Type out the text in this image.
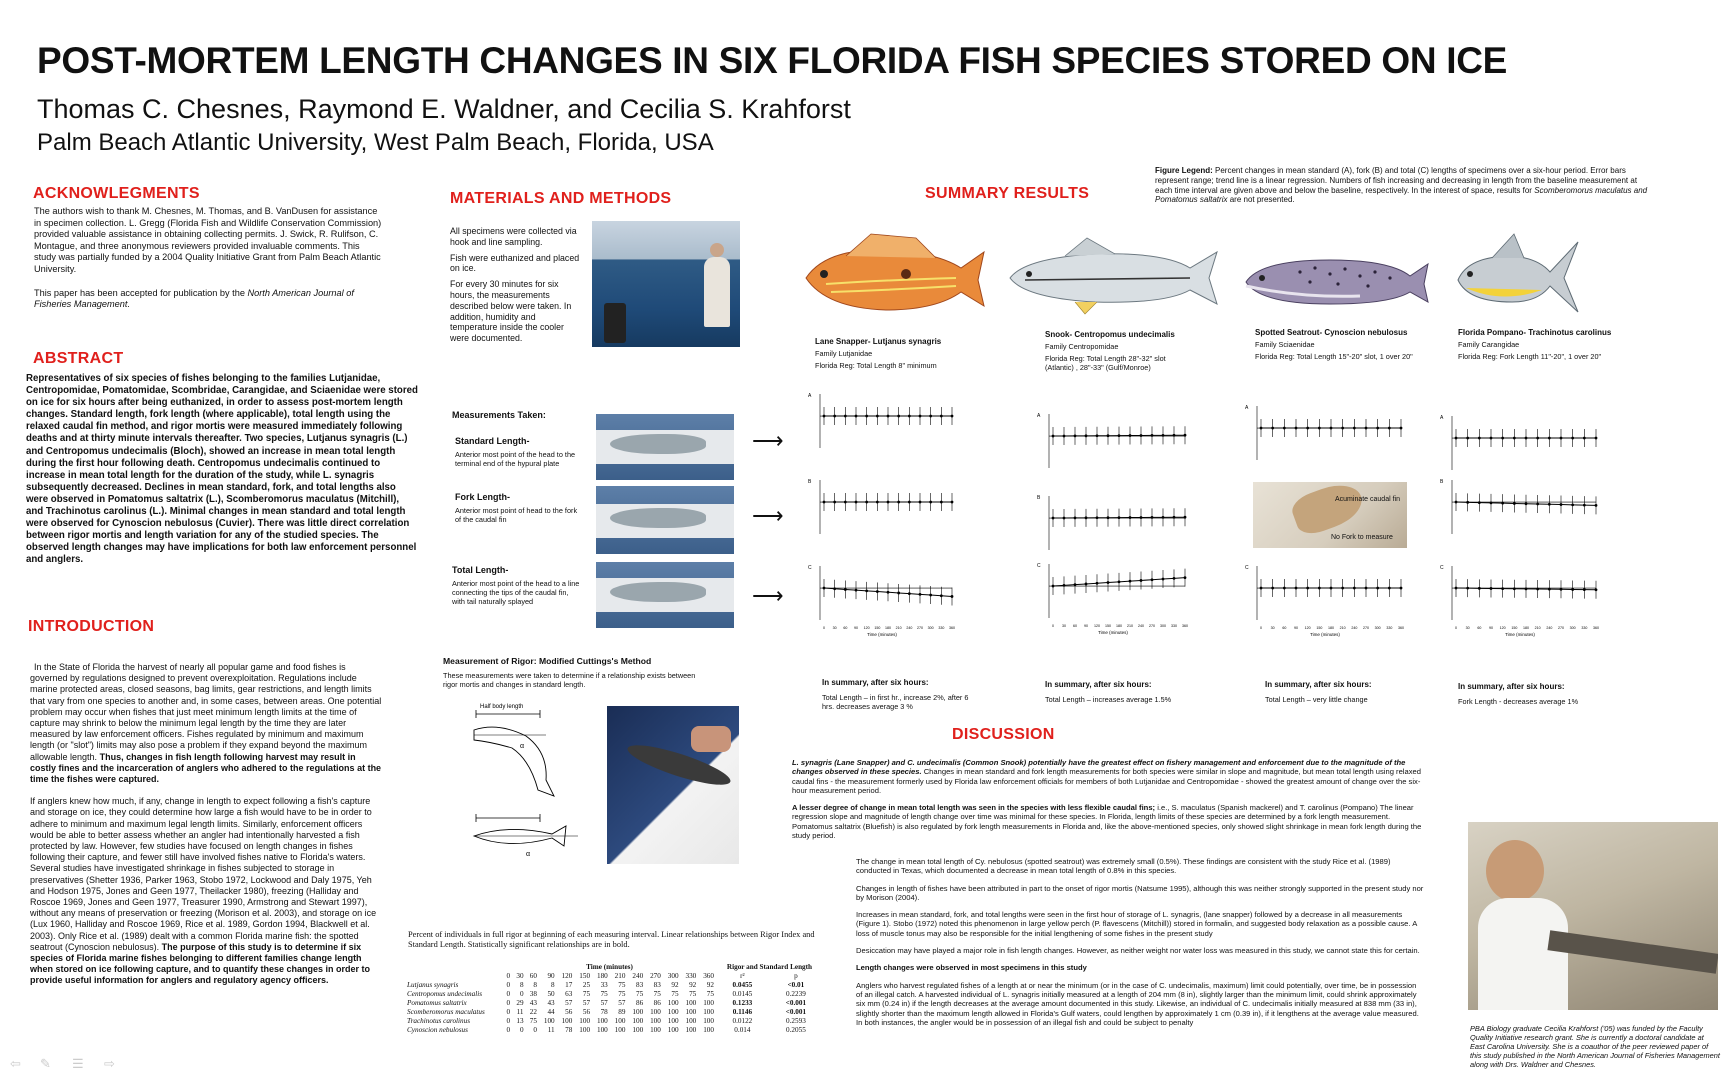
POST-MORTEM LENGTH CHANGES IN SIX FLORIDA FISH SPECIES STORED ON ICE
Thomas C. Chesnes, Raymond E. Waldner, and Cecilia S. Krahforst
Palm Beach Atlantic University, West Palm Beach, Florida, USA
ACKNOWLEGMENTS
The authors wish to thank M. Chesnes, M. Thomas, and B. VanDusen for assistance in specimen collection. L. Gregg (Florida Fish and Wildlife Conservation Commission) provided valuable assistance in obtaining collecting permits. J. Swick, R. Rulifson, C. Montague, and three anonymous reviewers provided invaluable comments. This study was partially funded by a 2004 Quality Initiative Grant from Palm Beach Atlantic University.
This paper has been accepted for publication by the North American Journal of Fisheries Management.
ABSTRACT
Representatives of six species of fishes belonging to the families Lutjanidae, Centropomidae, Pomatomidae, Scombridae, Carangidae, and Sciaenidae were stored on ice for six hours after being euthanized, in order to assess post-mortem length changes. Standard length, fork length (where applicable), total length using the relaxed caudal fin method, and rigor mortis were measured immediately following deaths and at thirty minute intervals thereafter. Two species, Lutjanus synagris (L.) and Centropomus undecimalis (Bloch), showed an increase in mean total length during the first hour following death. Centropomus undecimalis continued to increase in mean total length for the duration of the study, while L. synagris subsequently decreased. Declines in mean standard, fork, and total lengths also were observed in Pomatomus saltatrix (L.), Scomberomorus maculatus (Mitchill), and Trachinotus carolinus (L.). Minimal changes in mean standard and total length were observed for Cynoscion nebulosus (Cuvier). There was little direct correlation between rigor mortis and length variation for any of the studied species. The observed length changes may have implications for both law enforcement personnel and anglers.
INTRODUCTION
In the State of Florida the harvest of nearly all popular game and food fishes is governed by regulations designed to prevent overexploitation. Regulations include marine protected areas, closed seasons, bag limits, gear restrictions, and length limits that vary from one species to another and, in some cases, between areas. One potential problem may occur when fishes that just meet minimum length limits at the time of capture may shrink to below the minimum legal length by the time they are later measured by law enforcement officers. Fishes regulated by minimum and maximum length (or "slot") limits may also pose a problem if they expand beyond the maximum allowable length. Thus, changes in fish length following harvest may result in costly fines and the incarceration of anglers who adhered to the regulations at the time the fishes were captured.
If anglers knew how much, if any, change in length to expect following a fish's capture and storage on ice, they could determine how large a fish would have to be in order to adhere to minimum and maximum legal length limits. Similarly, enforcement officers would be able to better assess whether an angler had intentionally harvested a fish protected by law. However, few studies have focused on length changes in fishes following their capture, and fewer still have involved fishes native to Florida's waters. Several studies have investigated shrinkage in fishes subjected to storage in preservatives (Shetter 1936, Parker 1963, Stobo 1972, Lockwood and Daly 1975, Yeh and Hodson 1975, Jones and Geen 1977, Theilacker 1980), freezing (Halliday and Roscoe 1969, Jones and Geen 1977, Treasurer 1990, Armstrong and Stewart 1997), without any means of preservation or freezing (Morison et al. 2003), and storage on ice (Lux 1960, Halliday and Roscoe 1969, Rice et al. 1989, Gordon 1994, Blackwell et al. 2003). Only Rice et al. (1989) dealt with a common Florida marine fish: the spotted seatrout (Cynoscion nebulosus). The purpose of this study is to determine if six species of Florida marine fishes belonging to different families change length when stored on ice following capture, and to quantify these changes in order to provide useful information for anglers and regulatory agency officers.
MATERIALS AND METHODS
All specimens were collected via hook and line sampling.
Fish were euthanized and placed on ice.
For every 30 minutes for six hours, the measurements described below were taken. In addition, humidity and temperature inside the cooler were documented.
Measurements Taken:
Standard Length-
Anterior most point of the head to the terminal end of the hypural plate
Fork Length-
Anterior most point of head to the fork of the caudal fin
Total Length-
Anterior most point of the head to a line connecting the tips of the caudal fin, with tail naturally splayed
⟶
⟶
⟶
Measurement of Rigor: Modified Cuttings's Method
These measurements were taken to determine if a relationship exists between rigor mortis and changes in standard length.
Half body length
α
α
Percent of individuals in full rigor at beginning of each measuring interval. Linear relationships between Rigor Index and Standard Length. Statistically significant relationships are in bold.
	Time (minutes)													Rigor and Standard Length	
	0	30	60	90	120	150	180	210	240	270	300	330	360	r²	p
Lutjanus synagris	0	8	8	8	17	25	33	75	83	83	92	92	92	0.0455	<0.01
Centropomus undecimalis	0	0	38	50	63	75	75	75	75	75	75	75	75	0.0145	0.2239
Pomatomus saltatrix	0	29	43	43	57	57	57	57	86	86	100	100	100	0.1233	<0.001
Scomberomorus maculatus	0	11	22	44	56	56	78	89	100	100	100	100	100	0.1146	<0.001
Trachinotus carolinus	0	13	75	100	100	100	100	100	100	100	100	100	100	0.0122	0.2593
Cynoscion nebulosus	0	0	0	11	78	100	100	100	100	100	100	100	100	0.014	0.2055
SUMMARY RESULTS
Figure Legend: Percent changes in mean standard (A), fork (B) and total (C) lengths of specimens over a six-hour period. Error bars represent range; trend line is a linear regression. Numbers of fish increasing and decreasing in length from the baseline measurement at each time interval are given above and below the baseline, respectively. In the interest of space, results for Scomberomorus maculatus and Pomatomus saltatrix are not presented.
Lane Snapper- Lutjanus synagris
Family Lutjanidae
Florida Reg: Total Length 8" minimum
Snook- Centropomus undecimalis
Family Centropomidae
Florida Reg: Total Length 28"-32" slot (Atlantic) , 28"-33" (Gulf/Monroe)
Spotted Seatrout- Cynoscion nebulosus
Family Sciaenidae
Florida Reg: Total Length 15"-20" slot, 1 over 20"
Florida Pompano- Trachinotus carolinus
Family Carangidae
Florida Reg: Fork Length 11"-20", 1 over 20"
A
B
C
0 30 60 90 120 150 180 210 240 270 300 330 360
Time (minutes)
A
B
C
0 30 60 90 120 150 180 210 240 270 300 330 360
Time (minutes)
A
C
0 30 60 90 120 150 180 210 240 270 300 330 360
Time (minutes)
A
B
C
0 30 60 90 120 150 180 210 240 270 300 330 360
Time (minutes)
Acuminate caudal fin
No Fork to measure
In summary, after six hours:
Total Length – in first hr., increase 2%, after 6 hrs. decreases average 3 %
In summary, after six hours:
Total Length – increases average 1.5%
In summary, after six hours:
Total Length – very little change
In summary, after six hours:
Fork Length - decreases average 1%
DISCUSSION
L. synagris (Lane Snapper) and C. undecimalis (Common Snook) potentially have the greatest effect on fishery management and enforcement due to the magnitude of the changes observed in these species. Changes in mean standard and fork length measurements for both species were similar in slope and magnitude, but mean total length using relaxed caudal fins - the measurement formerly used by Florida law enforcement officials for members of both Lutjanidae and Centropomidae - showed the greatest amount of change over the six-hour measurement period.
A lesser degree of change in mean total length was seen in the species with less flexible caudal fins; i.e., S. maculatus (Spanish mackerel) and T. carolinus (Pompano) The linear regression slope and magnitude of length change over time was minimal for these species. In Florida, length limits of these species are determined by a fork length measurement. Pomatomus saltatrix (Bluefish) is also regulated by fork length measurements in Florida and, like the above-mentioned species, only showed slight shrinkage in mean fork length during the study period.
The change in mean total length of Cy. nebulosus (spotted seatrout) was extremely small (0.5%). These findings are consistent with the study Rice et al. (1989) conducted in Texas, which documented a decrease in mean total length of 0.8% in this species.
Changes in length of fishes have been attributed in part to the onset of rigor mortis (Natsume 1995), although this was neither strongly supported in the present study nor by Morison (2004).
Increases in mean standard, fork, and total lengths were seen in the first hour of storage of L. synagris, (lane snapper) followed by a decrease in all measurements (Figure 1). Stobo (1972) noted this phenomenon in large yellow perch (P. flavescens (Mitchill)) stored in formalin, and suggested body relaxation as a possible cause. A loss of muscle tonus may also be responsible for the initial lengthening of some fishes in the present study
Desiccation may have played a major role in fish length changes. However, as neither weight nor water loss was measured in this study, we cannot state this for certain.
Length changes were observed in most specimens in this study
Anglers who harvest regulated fishes of a length at or near the minimum (or in the case of C. undecimalis, maximum) limit could potentially, over time, be in possession of an illegal catch. A harvested individual of L. synagris initially measured at a length of 204 mm (8 in), slightly larger than the minimum limit, could shrink approximately six mm (0.24 in) if the length decreases at the average amount documented in this study. Likewise, an individual of C. undecimalis initially measured at 838 mm (33 in), slightly shorter than the maximum length allowed in Florida's Gulf waters, could lengthen by approximately 1 cm (0.39 in), if it lengthens at the average value measured. In both instances, the angler would be in possession of an illegal fish and could be subject to penalty
PBA Biology graduate Cecilia Krahforst ('05) was funded by the Faculty Quality Initiative research grant. She is currently a doctoral candidate at East Carolina University. She is a coauthor of the peer reviewed paper of this study published in the North American Journal of Fisheries Management along with Drs. Waldner and Chesnes.
⇦ ✎ ☰ ⇨
